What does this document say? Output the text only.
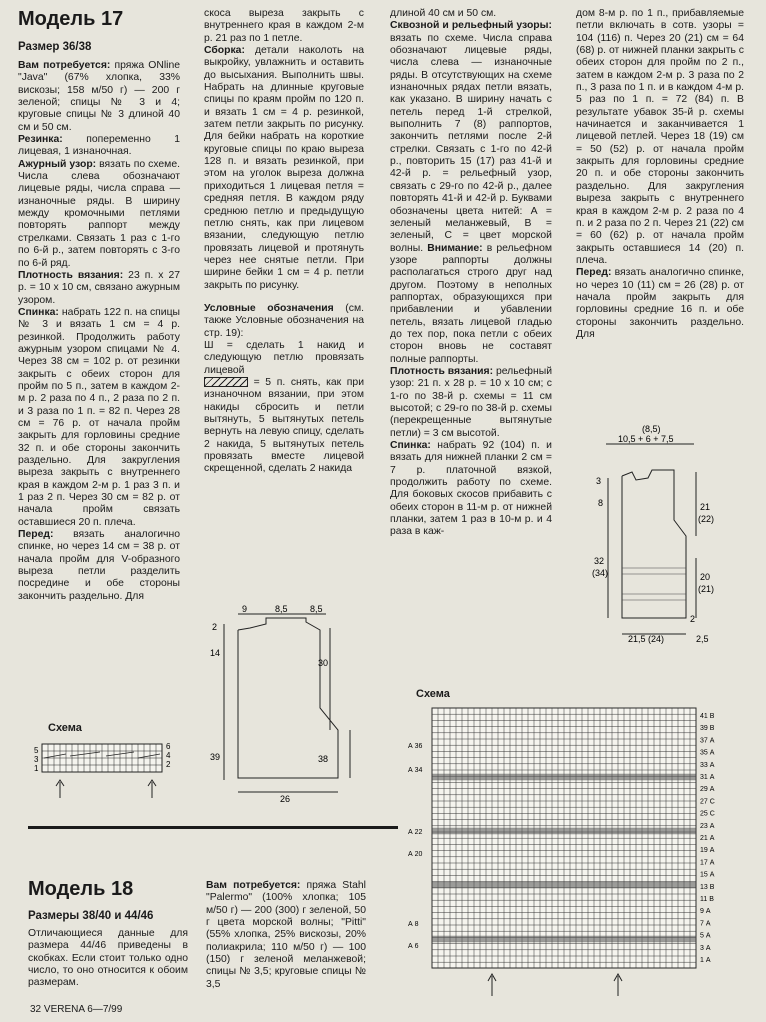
Модель 17
Размер 36/38

Вам потребуется: пряжа ONline "Java" (67% хлопка, 33% вискозы; 158 м/50 г) — 200 г зеленой; спицы № 3 и 4; круговые спицы № 3 длиной 40 см и 50 см.

Резинка: попеременно 1 лицевая, 1 изнаночная.

Ажурный узор: вязать по схеме. Числа слева обозначают лицевые ряды, числа справа — изнаночные ряды. В ширину между кромочными петлями повторять раппорт между стрелками. Связать 1 раз с 1-го по 6-й р., затем повторять с 3-го по 6-й ряд.

Плотность вязания: 23 п. х 27 р. = 10 х 10 см, связано ажурным узором.

Спинка: набрать 122 п. на спицы № 3 и вязать 1 см = 4 р. резинкой. Продолжить работу ажурным узором спицами № 4. Через 38 см = 102 р. от резинки закрыть с обеих сторон для пройм по 5 п., затем в каждом 2-м р. 2 раза по 4 п., 2 раза по 2 п. и 3 раза по 1 п. = 82 п. Через 28 см = 76 р. от начала пройм закрыть для горловины средние 32 п. и обе стороны закончить раздельно. Для закругления выреза закрыть с внутреннего края в каждом 2-м р. 1 раз 3 п. и 1 раз 2 п. Через 30 см = 82 р. от начала пройм связать оставшиеся 20 п. плеча.

Перед: вязать аналогично спинке, но через 14 см = 38 р. от начала пройм для V-образного выреза петли разделить посредине и обе стороны закончить раздельно. Для

скоса выреза закрыть с внутреннего края в каждом 2-м р. 21 раз по 1 петле.

Сборка: детали наколоть на выкройку, увлажнить и оставить до высыхания. Выполнить швы. Набрать на длинные круговые спицы по краям пройм по 120 п. и вязать 1 см = 4 р. резинкой, затем петли закрыть по рисунку. Для бейки набрать на короткие круговые спицы по краю выреза 128 п. и вязать резинкой, при этом на уголок выреза должна приходиться 1 лицевая петля = средняя петля. В каждом ряду среднюю петлю и предыдущую петлю снять, как при лицевом вязании, следующую петлю провязать лицевой и протянуть через нее снятые петли. При ширине бейки 1 см = 4 р. петли закрыть по рисунку.

Условные обозначения (см. также Условные обозначения на стр. 19):

Ш = сделать 1 накид и следующую петлю провязать лицевой

= 5 п. снять, как при изнаночном вязании, при этом накиды сбросить и петли вытянуть, 5 вытянутых петель вернуть на левую спицу, сделать 2 накида, 5 вытянутых петель провязать вместе лицевой скрещенной, сделать 2 накида

длиной 40 см и 50 см.

Сквозной и рельефный узоры: вязать по схеме. Числа справа обозначают лицевые ряды, числа слева — изнаночные ряды. В отсутствующих на схеме изнаночных рядах петли вязать, как указано. В ширину начать с петель перед 1-й стрелкой, выполнить 7 (8) раппортов, закончить петлями после 2-й стрелки. Связать с 1-го по 42-й р., повторить 15 (17) раз 41-й и 42-й р. = рельефный узор, связать с 29-го по 42-й р., далее повторять 41-й и 42-й р. Буквами обозначены цвета нитей: А = зеленый меланжевый, В = зеленый, С = цвет морской волны. Внимание: в рельефном узоре раппорты должны располагаться строго друг над другом. Поэтому в неполных раппортах, образующихся при прибавлении и убавлении петель, вязать лицевой гладью до тех пор, пока петли с обеих сторон вновь не составят полные раппорты.

Плотность вязания: рельефный узор: 21 п. х 28 р. = 10 х 10 см; с 1-го по 38-й р. схемы = 11 см высотой; с 29-го по 38-й р. схемы (перекрещенные вытянутые петли) = 3 см высотой.

Спинка: набрать 92 (104) п. и вязать для нижней планки 2 см = 7 р. платочной вязкой, продолжить работу по схеме. Для боковых скосов прибавить с обеих сторон в 11-м р. от нижней планки, затем 1 раз в 10-м р. и 4 раза в каж-

дом 8-м р. по 1 п., прибавляемые петли включать в сотв. узоры = 104 (116) п. Через 20 (21) см = 64 (68) р. от нижней планки закрыть с обеих сторон для пройм по 2 п., затем в каждом 2-м р. 3 раза по 2 п., 3 раза по 1 п. и в каждом 4-м р. 5 раз по 1 п. = 72 (84) п. В результате убавок 35-й р. схемы начинается и заканчивается 1 лицевой петлей. Через 18 (19) см = 50 (52) р. от начала пройм закрыть для горловины средние 20 п. и обе стороны закончить раздельно. Для закругления выреза закрыть с внутреннего края в каждом 2-м р. 2 раза по 4 п. и 2 раза по 2 п. Через 21 (22) см = 60 (62) р. от начала пройм закрыть оставшиеся 14 (20) п. плеча.

Перед: вязать аналогично спинке, но через 10 (11) см = 26 (28) р. от начала пройм закрыть для горловины средние 16 п. и обе стороны закончить раздельно. Для

9	8,5 8,5
2
14
39
30
38
26
Схема
5
3
1
6
4
2
Модель 18
Размеры 38/40 и 44/46
Отличающиеся данные для размера 44/46 приведены в скобках. Если стоит только одно число, то оно относится к обоим размерам.

Вам потребуется: пряжа Stahl "Palermo" (100% хлопка; 105 м/50 г) — 200 (300) г зеленой, 50 г цвета морской волны; "Pitti" (55% хлопка, 25% вискозы, 20% полиакрила; 110 м/50 г) — 100 (150) г зеленой меланжевой; спицы № 3,5; круговые спицы № 3,5

(8,5)
10,5 + 6 + 7,5
3
8
32
(34)
21
(22)
20
(21)
2
21,5 (24)	2,5
Схема
А 36
А 34
А 22
А 20
А 8
А 6
41 В
39 В
37 А
35 А
33 А
31 А
29 А
27 С
25 С
23 А
21 А
19 А
17 А
15 А
13 В
11 В
9 А
7 А
5 А
3 А
1 А
32 VERENA 6—7/99
